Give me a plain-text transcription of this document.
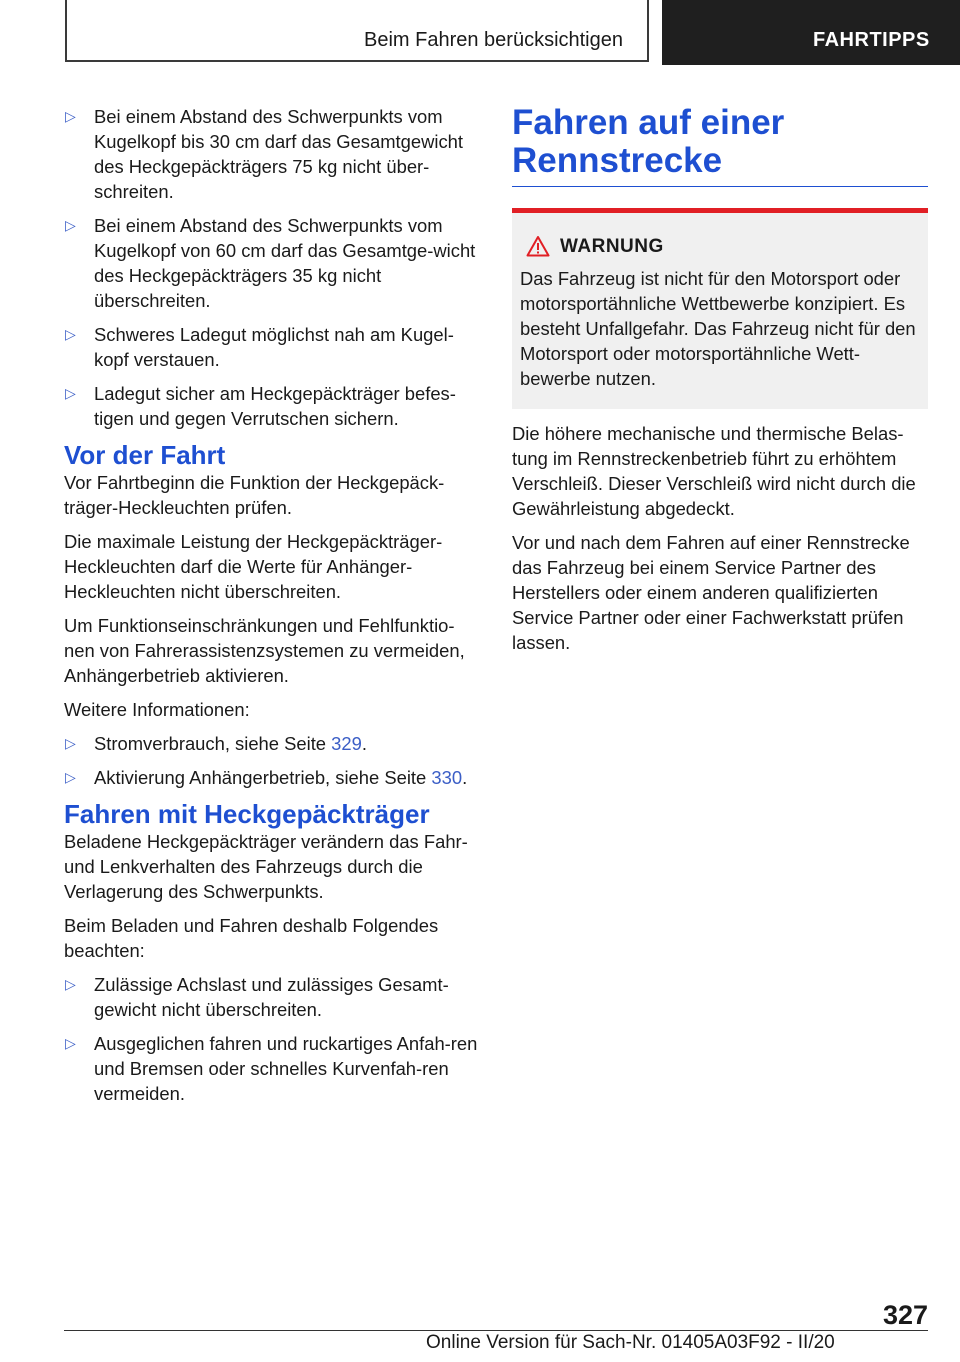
Beim Fahren berücksichtigen	FAHRTIPPS
▷ Bei einem Abstand des Schwerpunkts vom Kugelkopf bis 30 cm darf das Gesamtgewicht des Heckgepäckträgers 75 kg nicht über-schreiten.
▷ Bei einem Abstand des Schwerpunkts vom Kugelkopf von 60 cm darf das Gesamtge-wicht des Heckgepäckträgers 35 kg nicht überschreiten.
▷ Schweres Ladegut möglichst nah am Kugel-kopf verstauen.
▷ Ladegut sicher am Heckgepäckträger befes-tigen und gegen Verrutschen sichern.
Vor der Fahrt

Vor Fahrtbeginn die Funktion der Heckgepäck-träger-Heckleuchten prüfen.

Die maximale Leistung der Heckgepäckträger-Heckleuchten darf die Werte für Anhänger-Heckleuchten nicht überschreiten.

Um Funktionseinschränkungen und Fehlfunktio-nen von Fahrerassistenzsystemen zu vermeiden, Anhängerbetrieb aktivieren.

Weitere Informationen:

▷ Stromverbrauch, siehe Seite 329.
▷ Aktivierung Anhängerbetrieb, siehe Seite 330.
Fahren mit Heckgepäckträger

Beladene Heckgepäckträger verändern das Fahr- und Lenkverhalten des Fahrzeugs durch die Verlagerung des Schwerpunkts.

Beim Beladen und Fahren deshalb Folgendes beachten:

▷ Zulässige Achslast und zulässiges Gesamt-gewicht nicht überschreiten.
▷ Ausgeglichen fahren und ruckartiges Anfah-ren und Bremsen oder schnelles Kurvenfah-ren vermeiden.
Fahren auf einer Rennstrecke
WARNUNG

Das Fahrzeug ist nicht für den Motorsport oder motorsportähnliche Wettbewerbe konzipiert. Es besteht Unfallgefahr. Das Fahrzeug nicht für den Motorsport oder motorsportähnliche Wett-bewerbe nutzen.

Die höhere mechanische und thermische Belas-tung im Rennstreckenbetrieb führt zu erhöhtem Verschleiß. Dieser Verschleiß wird nicht durch die Gewährleistung abgedeckt.

Vor und nach dem Fahren auf einer Rennstrecke das Fahrzeug bei einem Service Partner des Herstellers oder einem anderen qualifizierten Service Partner oder einer Fachwerkstatt prüfen lassen.

327
Online Version für Sach-Nr. 01405A03F92 - II/20
